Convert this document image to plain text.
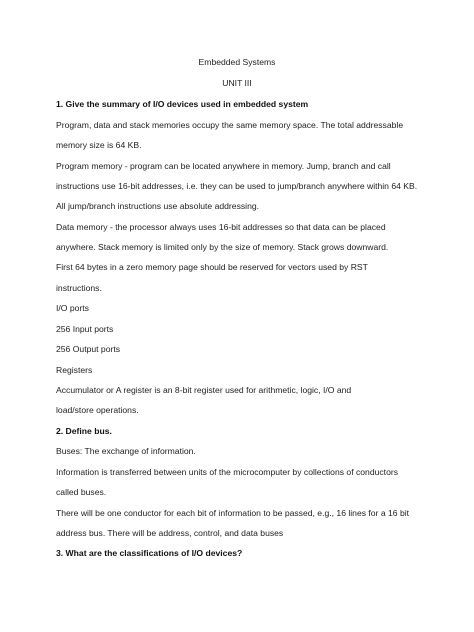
Embedded Systems
UNIT III
1. Give the summary of I/O devices used in embedded system
Program, data and stack memories occupy the same memory space. The total addressable
memory size is 64 KB.
Program memory - program can be located anywhere in memory. Jump, branch and call
instructions use 16-bit addresses, i.e. they can be used to jump/branch anywhere within 64 KB.
All jump/branch instructions use absolute addressing.
Data memory - the processor always uses 16-bit addresses so that data can be placed
anywhere. Stack memory is limited only by the size of memory. Stack grows downward.
First 64 bytes in a zero memory page should be reserved for vectors used by RST
instructions.
I/O ports
256 Input ports
256 Output ports
Registers
Accumulator or A register is an 8-bit register used for arithmetic, logic, I/O and
load/store operations.
2. Define bus.
Buses: The exchange of information.
Information is transferred between units of the microcomputer by collections of conductors
called buses.
There will be one conductor for each bit of information to be passed, e.g., 16 lines for a 16 bit
address bus. There will be address, control, and data buses
3. What are the classifications of I/O devices?
